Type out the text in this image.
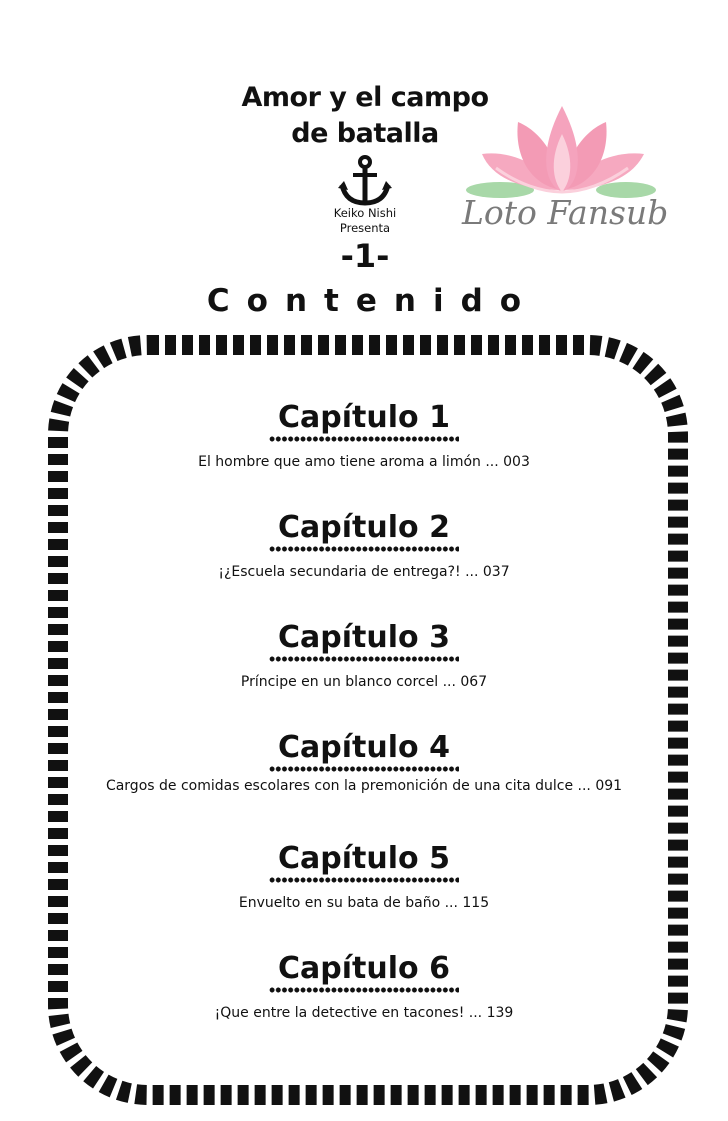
Amor y el campo
de batalla
Keiko Nishi
Presenta
-1-
Contenido
Loto Fansub
Capítulo 1
El hombre que amo tiene aroma a limón ... 003
Capítulo 2
¡¿Escuela secundaria de entrega?! ... 037
Capítulo 3
Príncipe en un blanco corcel ... 067
Capítulo 4
Cargos de comidas escolares con la premonición de una cita dulce ... 091
Capítulo 5
Envuelto en su bata de baño ... 115
Capítulo 6
¡Que entre la detective en tacones! ... 139
